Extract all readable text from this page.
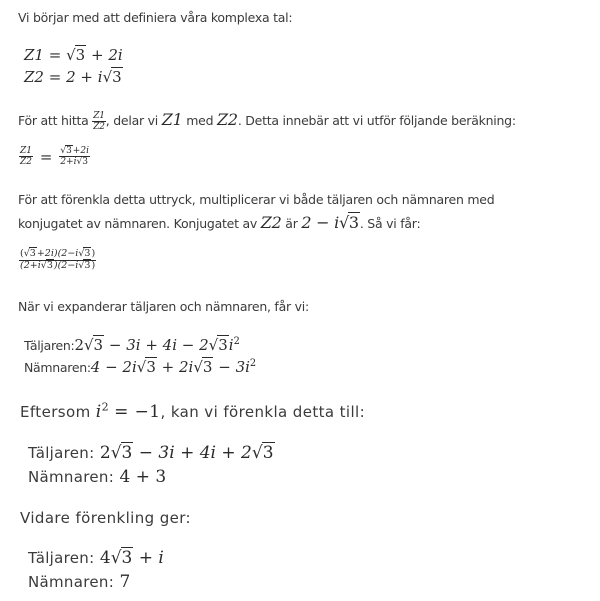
Vi börjar med att definiera våra komplexa tal:
Z1 = √3 + 2i
Z2 = 2 + i√3
För att hitta $\frac{Z1}{Z2}$ , delar vi Z1 med Z2. Detta innebär att vi utför följande beräkning:
$\frac{Z1}{Z2} = \frac{√3+2i}{2+i√3}$
För att förenkla detta uttryck, multiplicerar vi både täljaren och nämnaren med
konjugatet av nämnaren. Konjugatet av Z2 är 2 − i√3. Så vi får:
$\frac{(√3+2i)(2-i√3)}{(2+i√3)(2-i√3)}$
När vi expanderar täljaren och nämnaren, får vi:
Täljaren:2√3 − $3i + 4i - 2√3i^2$
Nämnaren:4 − $2i√3 + 2i√3 - 3i^2$
Eftersom $i^2 = -1$, kan vi förenkla detta till:
Täljaren: 2√3 − 3i + 4i + 2√3
Nämnaren: 4 + 3
Vidare förenkling ger:
Täljaren: 4√3 + i
Nämnaren: 7
